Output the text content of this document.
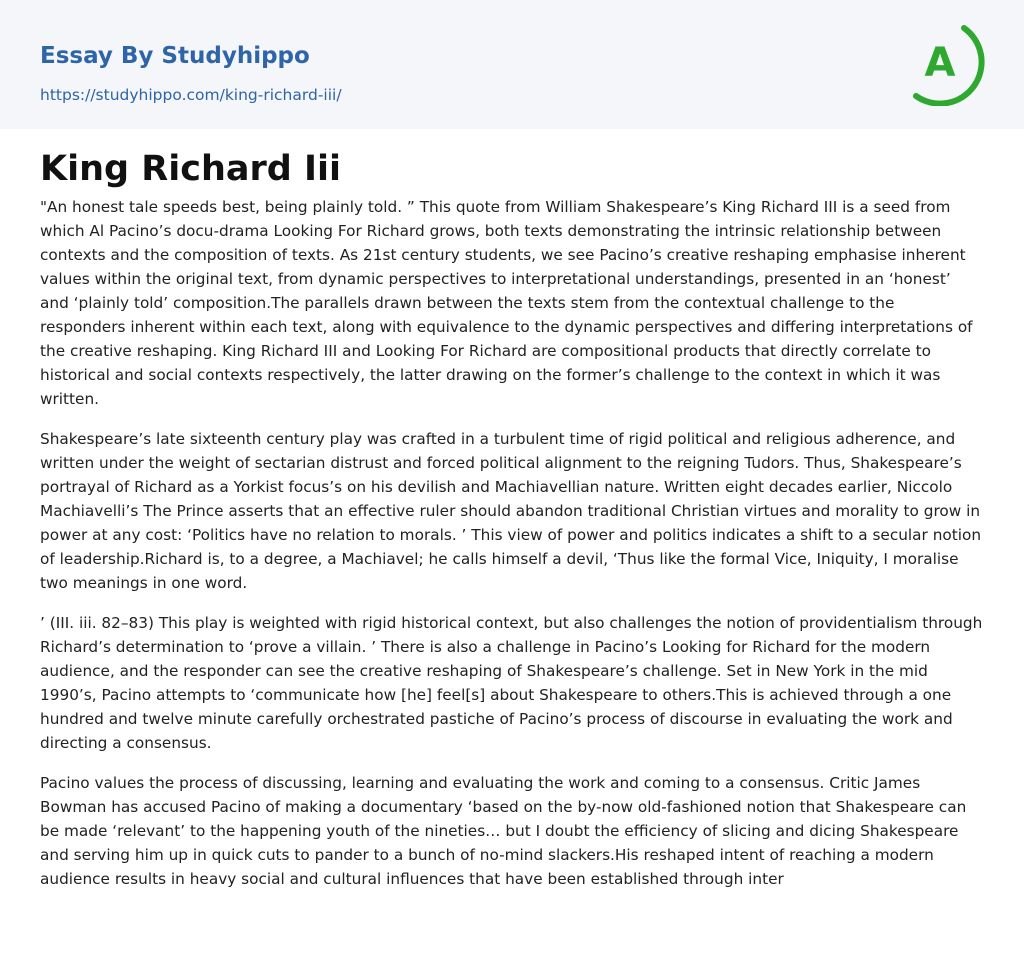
Essay By Studyhippo
https://studyhippo.com/king-richard-iii/
A
King Richard Iii

"An honest tale speeds best, being plainly told. ” This quote from William Shakespeare’s King Richard III is a seed from which Al Pacino’s docu-drama Looking For Richard grows, both texts demonstrating the intrinsic relationship between contexts and the composition of texts. As 21st century students, we see Pacino’s creative reshaping emphasise inherent values within the original text, from dynamic perspectives to interpretational understandings, presented in an ‘honest’ and ‘plainly told’ composition.The parallels drawn between the texts stem from the contextual challenge to the responders inherent within each text, along with equivalence to the dynamic perspectives and differing interpretations of the creative reshaping. King Richard III and Looking For Richard are compositional products that directly correlate to historical and social contexts respectively, the latter drawing on the former’s challenge to the context in which it was written.

Shakespeare’s late sixteenth century play was crafted in a turbulent time of rigid political and religious adherence, and written under the weight of sectarian distrust and forced political alignment to the reigning Tudors. Thus, Shakespeare’s portrayal of Richard as a Yorkist focus’s on his devilish and Machiavellian nature. Written eight decades earlier, Niccolo Machiavelli’s The Prince asserts that an effective ruler should abandon traditional Christian virtues and morality to grow in power at any cost: ‘Politics have no relation to morals. ’ This view of power and politics indicates a shift to a secular notion of leadership.Richard is, to a degree, a Machiavel; he calls himself a devil, ‘Thus like the formal Vice, Iniquity, I moralise two meanings in one word.

’ (III. iii. 82–83) This play is weighted with rigid historical context, but also challenges the notion of providentialism through Richard’s determination to ‘prove a villain. ’ There is also a challenge in Pacino’s Looking for Richard for the modern audience, and the responder can see the creative reshaping of Shakespeare’s challenge. Set in New York in the mid 1990’s, Pacino attempts to ‘communicate how [he] feel[s] about Shakespeare to others.This is achieved through a one hundred and twelve minute carefully orchestrated pastiche of Pacino’s process of discourse in evaluating the work and directing a consensus.

Pacino values the process of discussing, learning and evaluating the work and coming to a consensus. Critic James Bowman has accused Pacino of making a documentary ‘based on the by-now old-fashioned notion that Shakespeare can be made ‘relevant’ to the happening youth of the nineties… but I doubt the efficiency of slicing and dicing Shakespeare and serving him up in quick cuts to pander to a bunch of no-mind slackers.His reshaped intent of reaching a modern audience results in heavy social and cultural influences that have been established through inter
